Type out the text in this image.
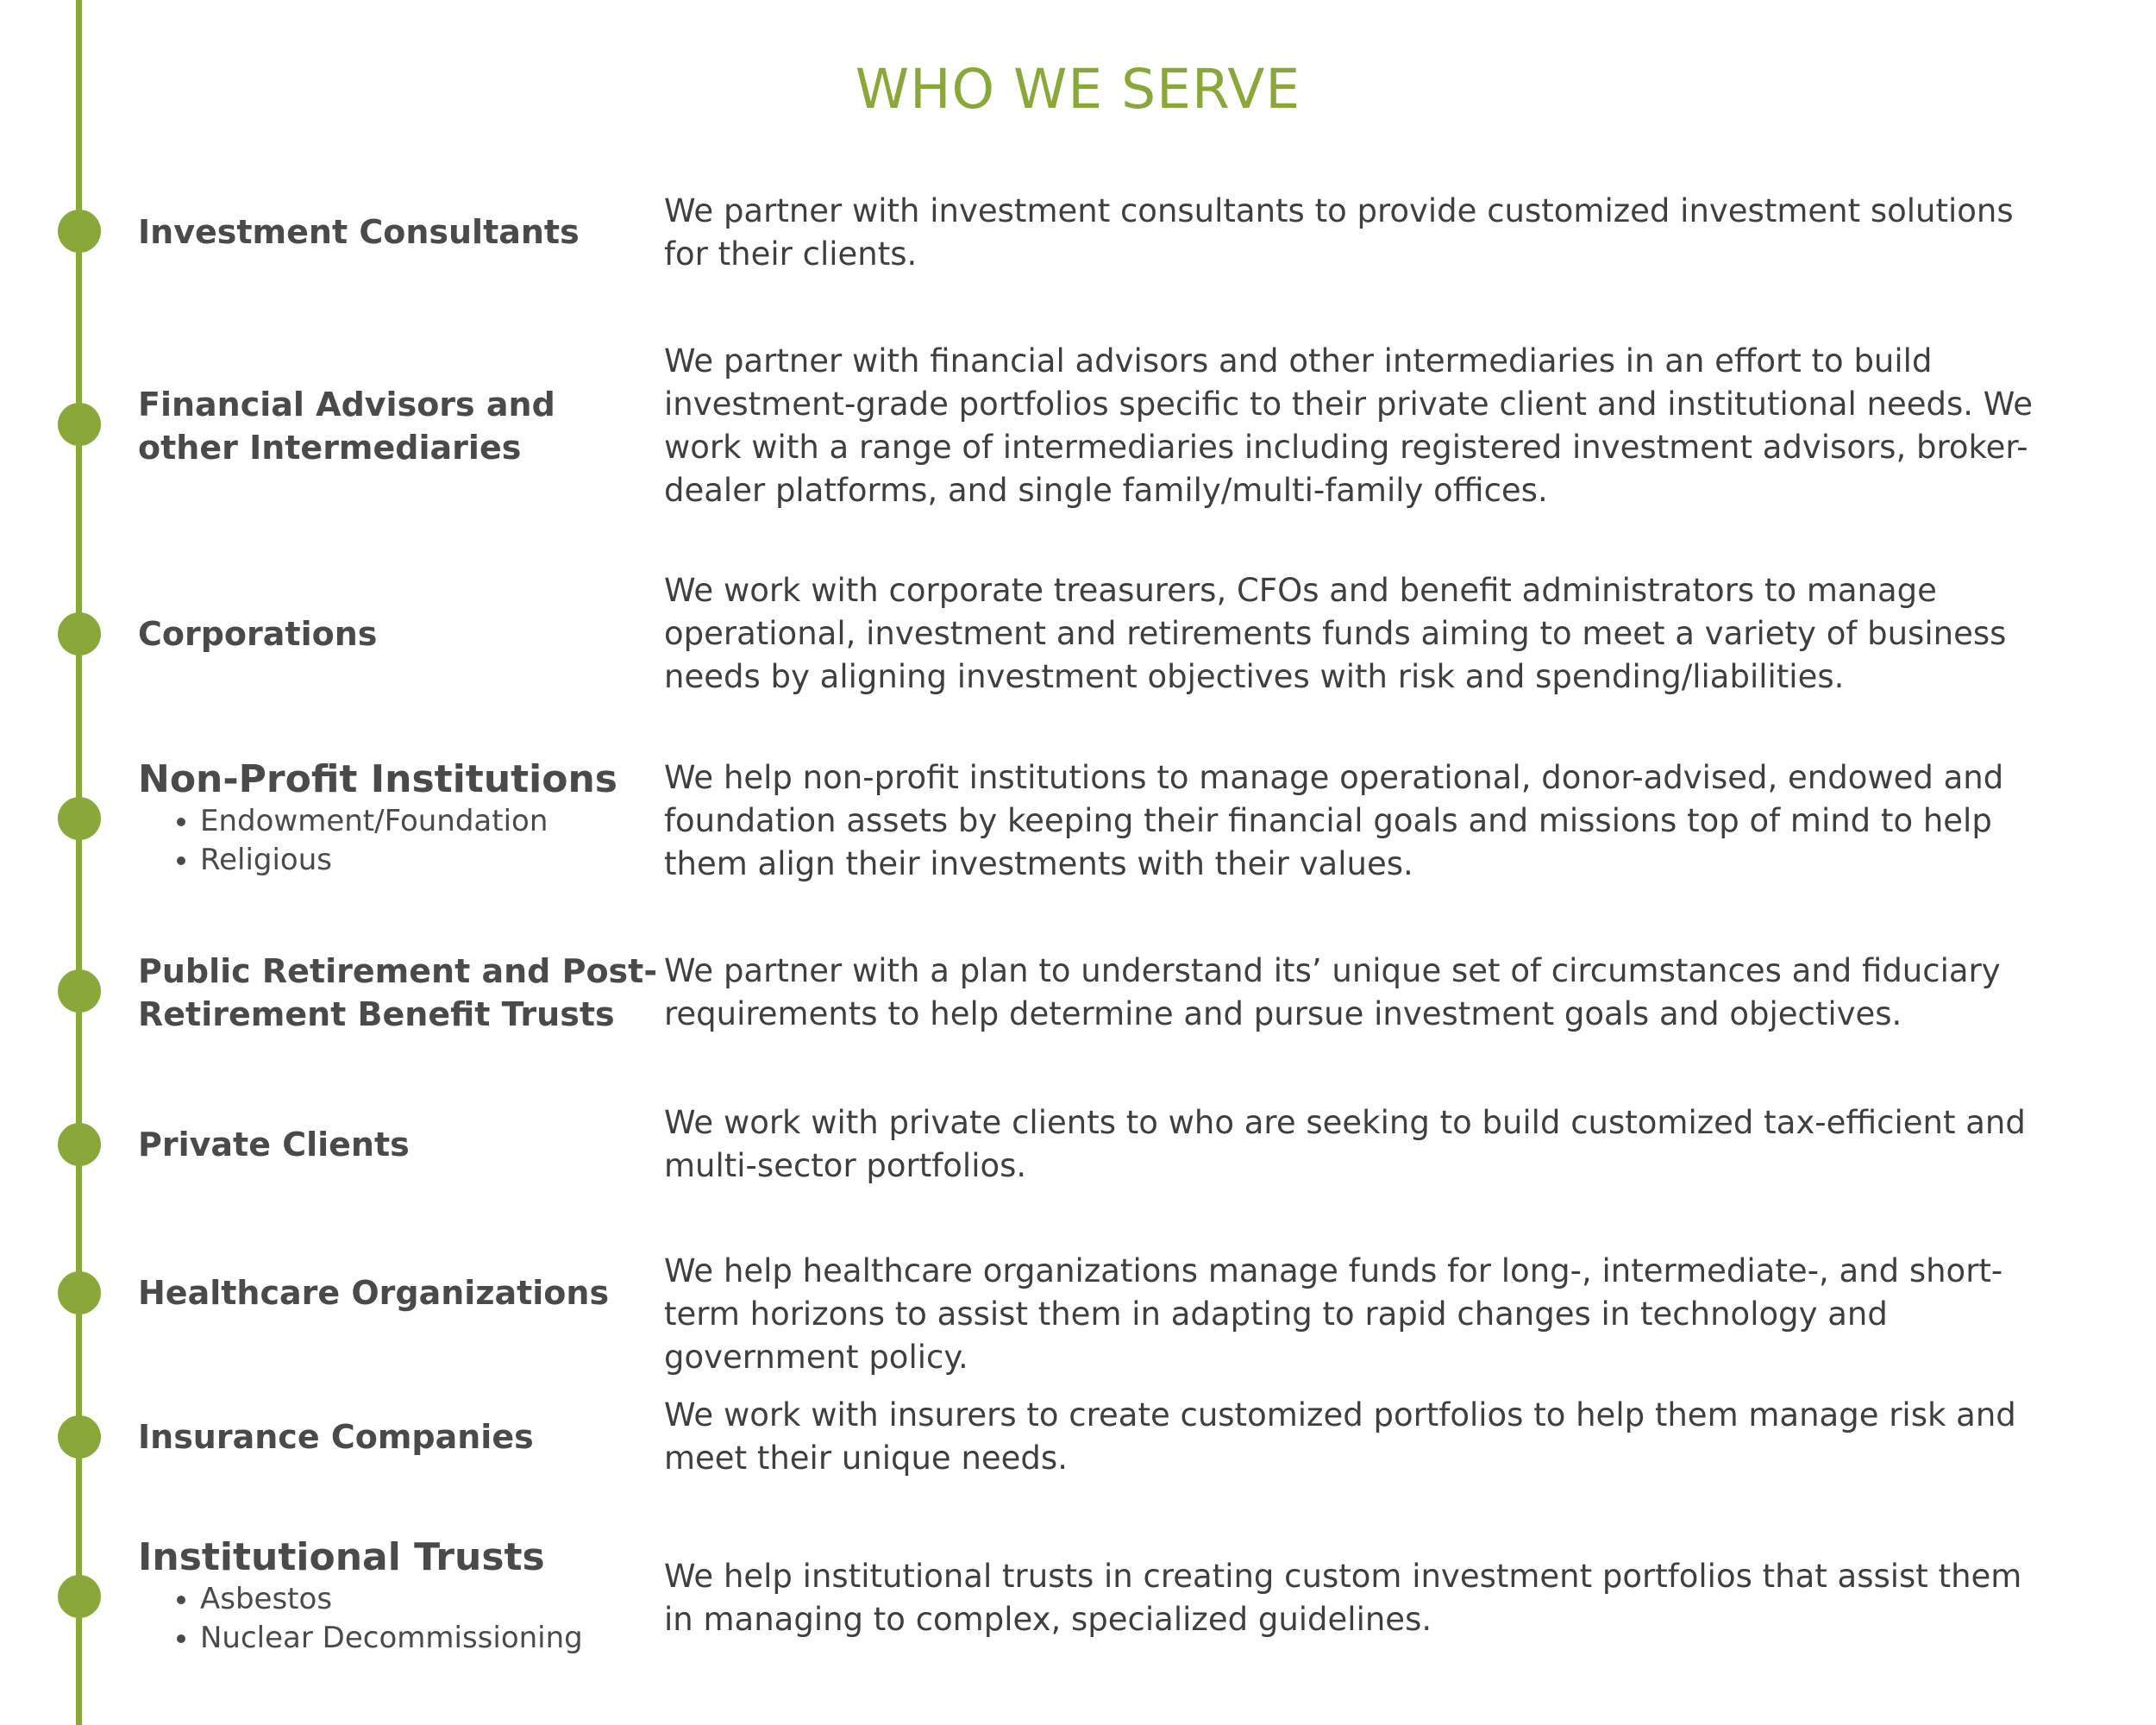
WHO WE SERVE
Investment Consultants
We partner with investment consultants to provide customized investment solutions for their clients.
Financial Advisors and other Intermediaries
We partner with financial advisors and other intermediaries in an effort to build investment-grade portfolios specific to their private client and institutional needs. We work with a range of intermediaries including registered investment advisors, broker-dealer platforms, and single family/multi-family offices.
Corporations
We work with corporate treasurers, CFOs and benefit administrators to manage operational, investment and retirements funds aiming to meet a variety of business needs by aligning investment objectives with risk and spending/liabilities.
Non-Profit Institutions
• Endowment/Foundation
• Religious
We help non-profit institutions to manage operational, donor-advised, endowed and foundation assets by keeping their financial goals and missions top of mind to help them align their investments with their values.
Public Retirement and Post-Retirement Benefit Trusts
We partner with a plan to understand its’ unique set of circumstances and fiduciary requirements to help determine and pursue investment goals and objectives.
Private Clients
We work with private clients to who are seeking to build customized tax-efficient and multi-sector portfolios.
Healthcare Organizations
We help healthcare organizations manage funds for long-, intermediate-, and short-term horizons to assist them in adapting to rapid changes in technology and government policy.
Insurance Companies
We work with insurers to create customized portfolios to help them manage risk and meet their unique needs.
Institutional Trusts
• Asbestos
• Nuclear Decommissioning
We help institutional trusts in creating custom investment portfolios that assist them in managing to complex, specialized guidelines.
